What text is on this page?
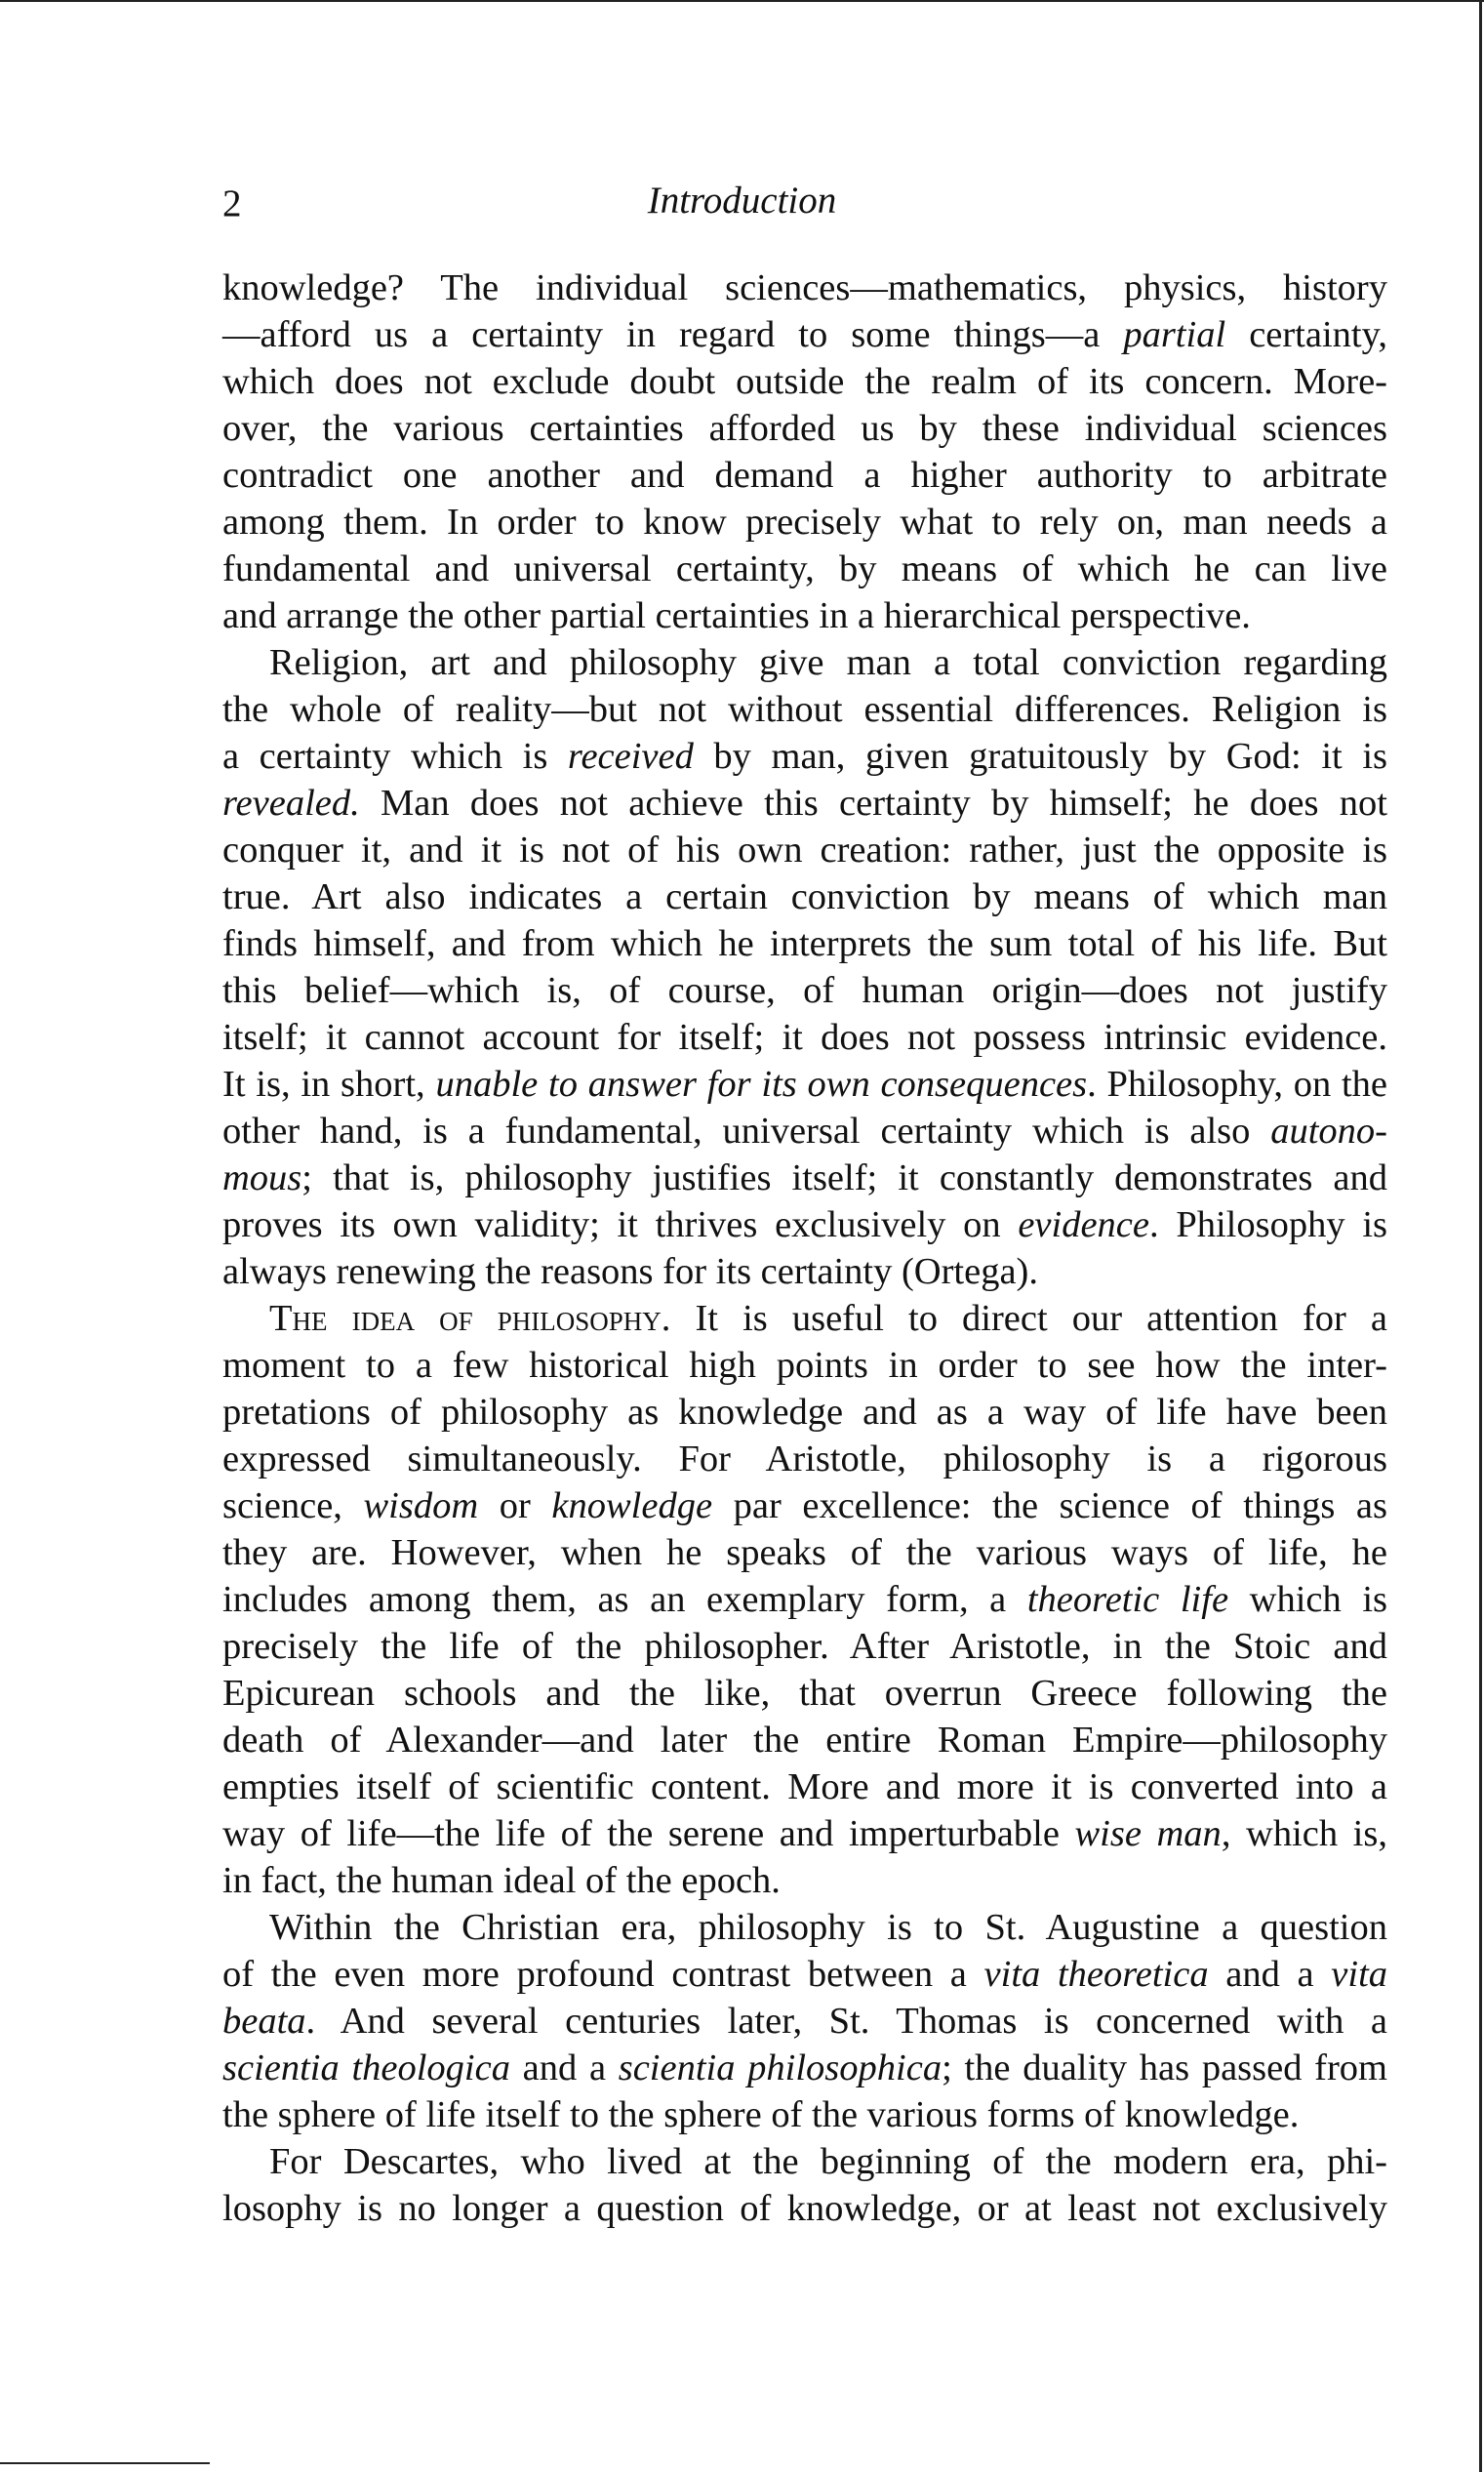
2	Introduction
knowledge? The individual sciences—mathematics, physics, history
—afford us a certainty in regard to some things—a partial certainty,
which does not exclude doubt outside the realm of its concern. More-
over, the various certainties afforded us by these individual sciences
contradict one another and demand a higher authority to arbitrate
among them. In order to know precisely what to rely on, man needs a
fundamental and universal certainty, by means of which he can live
and arrange the other partial certainties in a hierarchical perspective.
Religion, art and philosophy give man a total conviction regarding
the whole of reality—but not without essential differences. Religion is
a certainty which is received by man, given gratuitously by God: it is
revealed. Man does not achieve this certainty by himself; he does not
conquer it, and it is not of his own creation: rather, just the opposite is
true. Art also indicates a certain conviction by means of which man
finds himself, and from which he interprets the sum total of his life. But
this belief—which is, of course, of human origin—does not justify
itself; it cannot account for itself; it does not possess intrinsic evidence.
It is, in short, unable to answer for its own consequences. Philosophy, on the
other hand, is a fundamental, universal certainty which is also autono-
mous; that is, philosophy justifies itself; it constantly demonstrates and
proves its own validity; it thrives exclusively on evidence. Philosophy is
always renewing the reasons for its certainty (Ortega).
The idea of philosophy. It is useful to direct our attention for a
moment to a few historical high points in order to see how the inter-
pretations of philosophy as knowledge and as a way of life have been
expressed simultaneously. For Aristotle, philosophy is a rigorous
science, wisdom or knowledge par excellence: the science of things as
they are. However, when he speaks of the various ways of life, he
includes among them, as an exemplary form, a theoretic life which is
precisely the life of the philosopher. After Aristotle, in the Stoic and
Epicurean schools and the like, that overrun Greece following the
death of Alexander—and later the entire Roman Empire—philosophy
empties itself of scientific content. More and more it is converted into a
way of life—the life of the serene and imperturbable wise man, which is,
in fact, the human ideal of the epoch.
Within the Christian era, philosophy is to St. Augustine a question
of the even more profound contrast between a vita theoretica and a vita
beata. And several centuries later, St. Thomas is concerned with a
scientia theologica and a scientia philosophica; the duality has passed from
the sphere of life itself to the sphere of the various forms of knowledge.
For Descartes, who lived at the beginning of the modern era, phi-
losophy is no longer a question of knowledge, or at least not exclusively
